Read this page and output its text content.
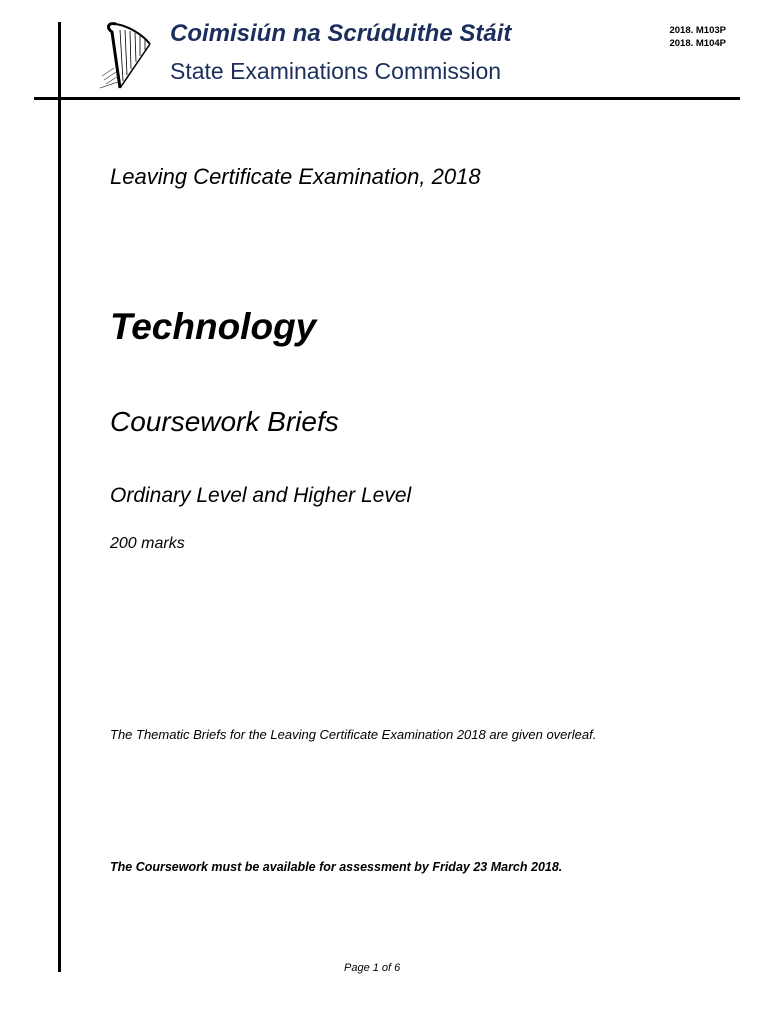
Coimisiún na Scrúduithe Stáit
State Examinations Commission
2018. M103P
2018. M104P
Leaving Certificate Examination, 2018
Technology
Coursework Briefs
Ordinary Level and Higher Level
200 marks
The Thematic Briefs for the Leaving Certificate Examination 2018 are given overleaf.
The Coursework must be available for assessment by Friday 23 March 2018.
Page 1 of 6
